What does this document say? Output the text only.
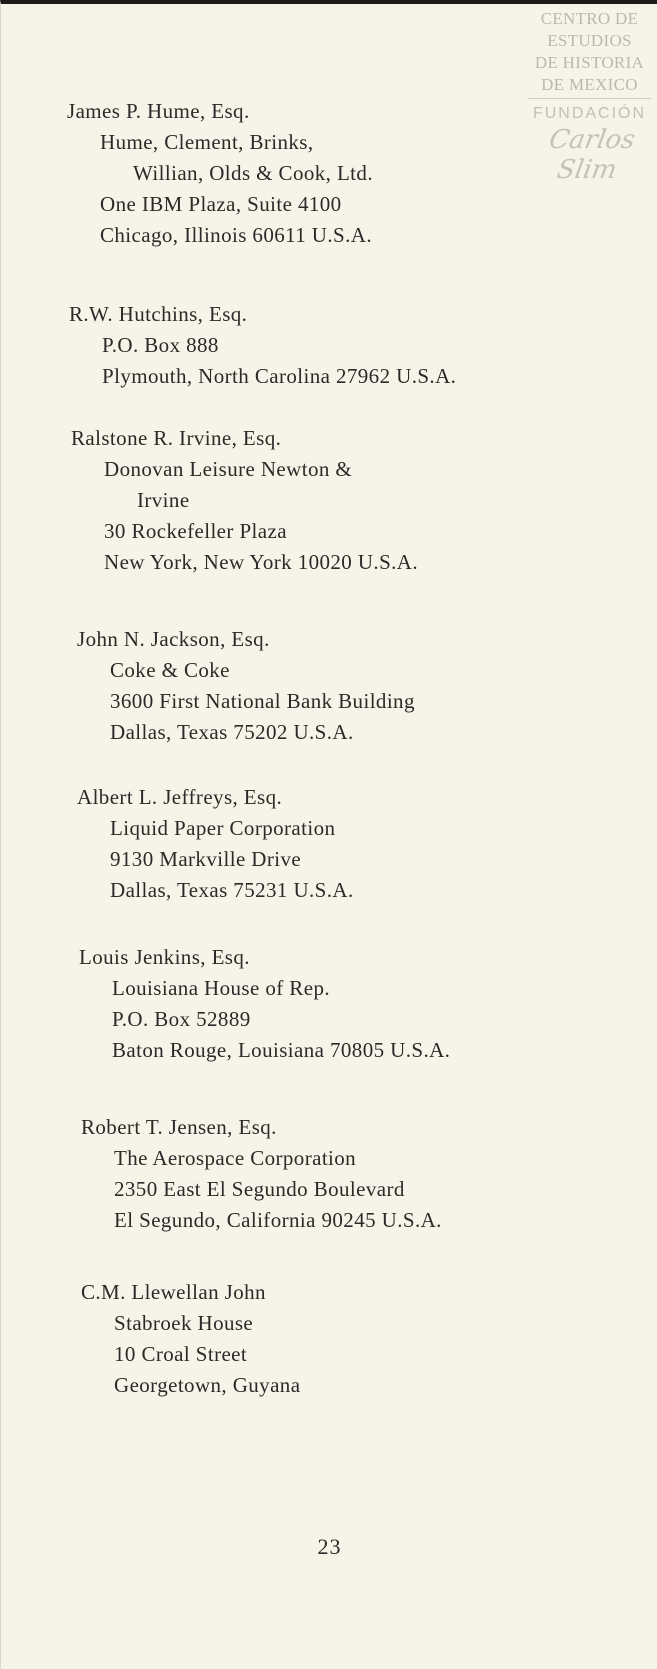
CENTRO DE
ESTUDIOS
DE HISTORIA
DE MEXICO
FUNDACIÓN
Carlos Slim
James P. Hume, Esq.
Hume, Clement, Brinks,
Willian, Olds & Cook, Ltd.
One IBM Plaza, Suite 4100
Chicago, Illinois 60611 U.S.A.
R.W. Hutchins, Esq.
P.O. Box 888
Plymouth, North Carolina 27962 U.S.A.
Ralstone R. Irvine, Esq.
Donovan Leisure Newton &
Irvine
30 Rockefeller Plaza
New York, New York 10020 U.S.A.
John N. Jackson, Esq.
Coke & Coke
3600 First National Bank Building
Dallas, Texas 75202 U.S.A.
Albert L. Jeffreys, Esq.
Liquid Paper Corporation
9130 Markville Drive
Dallas, Texas 75231 U.S.A.
Louis Jenkins, Esq.
Louisiana House of Rep.
P.O. Box 52889
Baton Rouge, Louisiana 70805 U.S.A.
Robert T. Jensen, Esq.
The Aerospace Corporation
2350 East El Segundo Boulevard
El Segundo, California 90245 U.S.A.
C.M. Llewellan John
Stabroek House
10 Croal Street
Georgetown, Guyana
23
